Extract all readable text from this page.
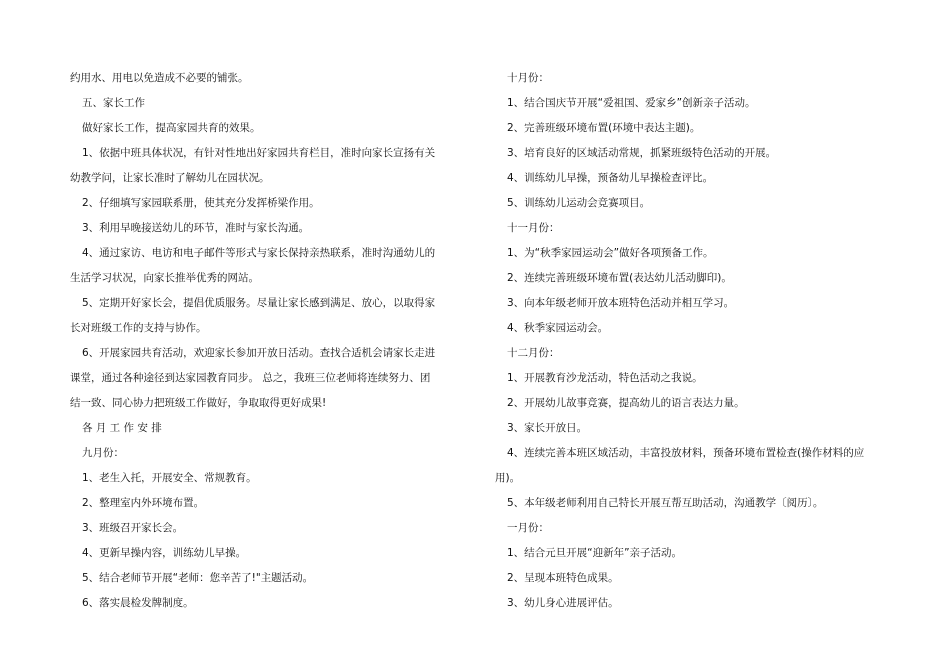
约用水、用电以免造成不必要的铺张。
五、家长工作
做好家长工作，提高家园共育的效果。
1、依据中班具体状况，有针对性地出好家园共育栏目，准时向家长宣扬有关
幼教学问，让家长准时了解幼儿在园状况。
2、仔细填写家园联系册，使其充分发挥桥梁作用。
3、利用早晚接送幼儿的环节，准时与家长沟通。
4、通过家访、电访和电子邮件等形式与家长保持亲热联系，准时沟通幼儿的
生活学习状况，向家长推举优秀的网站。
5、定期开好家长会，提倡优质服务。尽量让家长感到满足、放心，以取得家
长对班级工作的支持与协作。
6、开展家园共育活动，欢迎家长参加开放日活动。查找合适机会请家长走进
课堂，通过各种途径到达家园教育同步。 总之，我班三位老师将连续努力、团
结一致、同心协力把班级工作做好，争取取得更好成果!
各 月 工 作 安 排
九月份：
1、老生入托，开展安全、常规教育。
2、整理室内外环境布置。
3、班级召开家长会。
4、更新早操内容，训练幼儿早操。
5、结合老师节开展“老师：您辛苦了!"主题活动。
6、落实晨检发牌制度。
十月份：
1、结合国庆节开展“爱祖国、爱家乡”创新亲子活动。
2、完善班级环境布置(环境中表达主题)。
3、培育良好的区域活动常规，抓紧班级特色活动的开展。
4、训练幼儿早操，预备幼儿早操检查评比。
5、训练幼儿运动会竞赛项目。
十一月份：
1、为“秋季家园运动会”做好各项预备工作。
2、连续完善班级环境布置(表达幼儿活动脚印)。
3、向本年级老师开放本班特色活动并相互学习。
4、秋季家园运动会。
十二月份：
1、开展教育沙龙活动，特色活动之我说。
2、开展幼儿故事竞赛，提高幼儿的语言表达力量。
3、家长开放日。
4、连续完善本班区域活动，丰富投放材料，预备环境布置检查(操作材料的应
用)。
5、本年级老师利用自己特长开展互帮互助活动，沟通教学〔阅历〕。
一月份：
1、结合元旦开展“迎新年”亲子活动。
2、呈现本班特色成果。
3、幼儿身心进展评估。
